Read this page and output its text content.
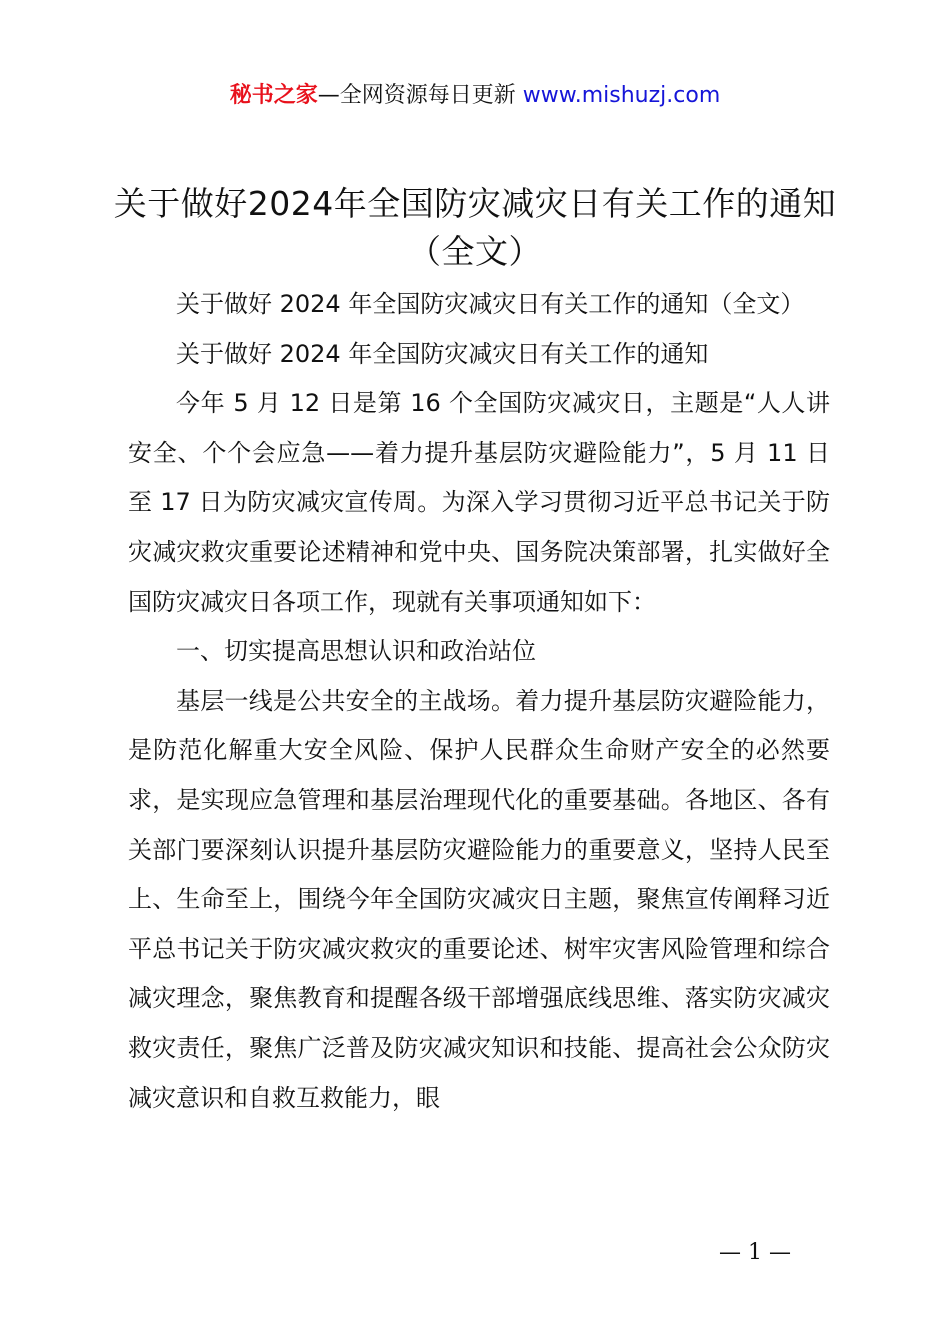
秘书之家—全网资源每日更新 www.mishuzj.com
关于做好2024年全国防灾减灾日有关工作的通知（全文）

关于做好 2024 年全国防灾减灾日有关工作的通知（全文）

关于做好 2024 年全国防灾减灾日有关工作的通知

今年 5 月 12 日是第 16 个全国防灾减灾日，主题是“人人讲安全、个个会应急——着力提升基层防灾避险能力”，5 月 11 日至 17 日为防灾减灾宣传周。为深入学习贯彻习近平总书记关于防灾减灾救灾重要论述精神和党中央、国务院决策部署，扎实做好全国防灾减灾日各项工作，现就有关事项通知如下：

一、切实提高思想认识和政治站位

基层一线是公共安全的主战场。着力提升基层防灾避险能力，是防范化解重大安全风险、保护人民群众生命财产安全的必然要求，是实现应急管理和基层治理现代化的重要基础。各地区、各有关部门要深刻认识提升基层防灾避险能力的重要意义，坚持人民至上、生命至上，围绕今年全国防灾减灾日主题，聚焦宣传阐释习近平总书记关于防灾减灾救灾的重要论述、树牢灾害风险管理和综合减灾理念，聚焦教育和提醒各级干部增强底线思维、落实防灾减灾救灾责任，聚焦广泛普及防灾减灾知识和技能、提高社会公众防灾减灾意识和自救互救能力，眼

— 1 —
